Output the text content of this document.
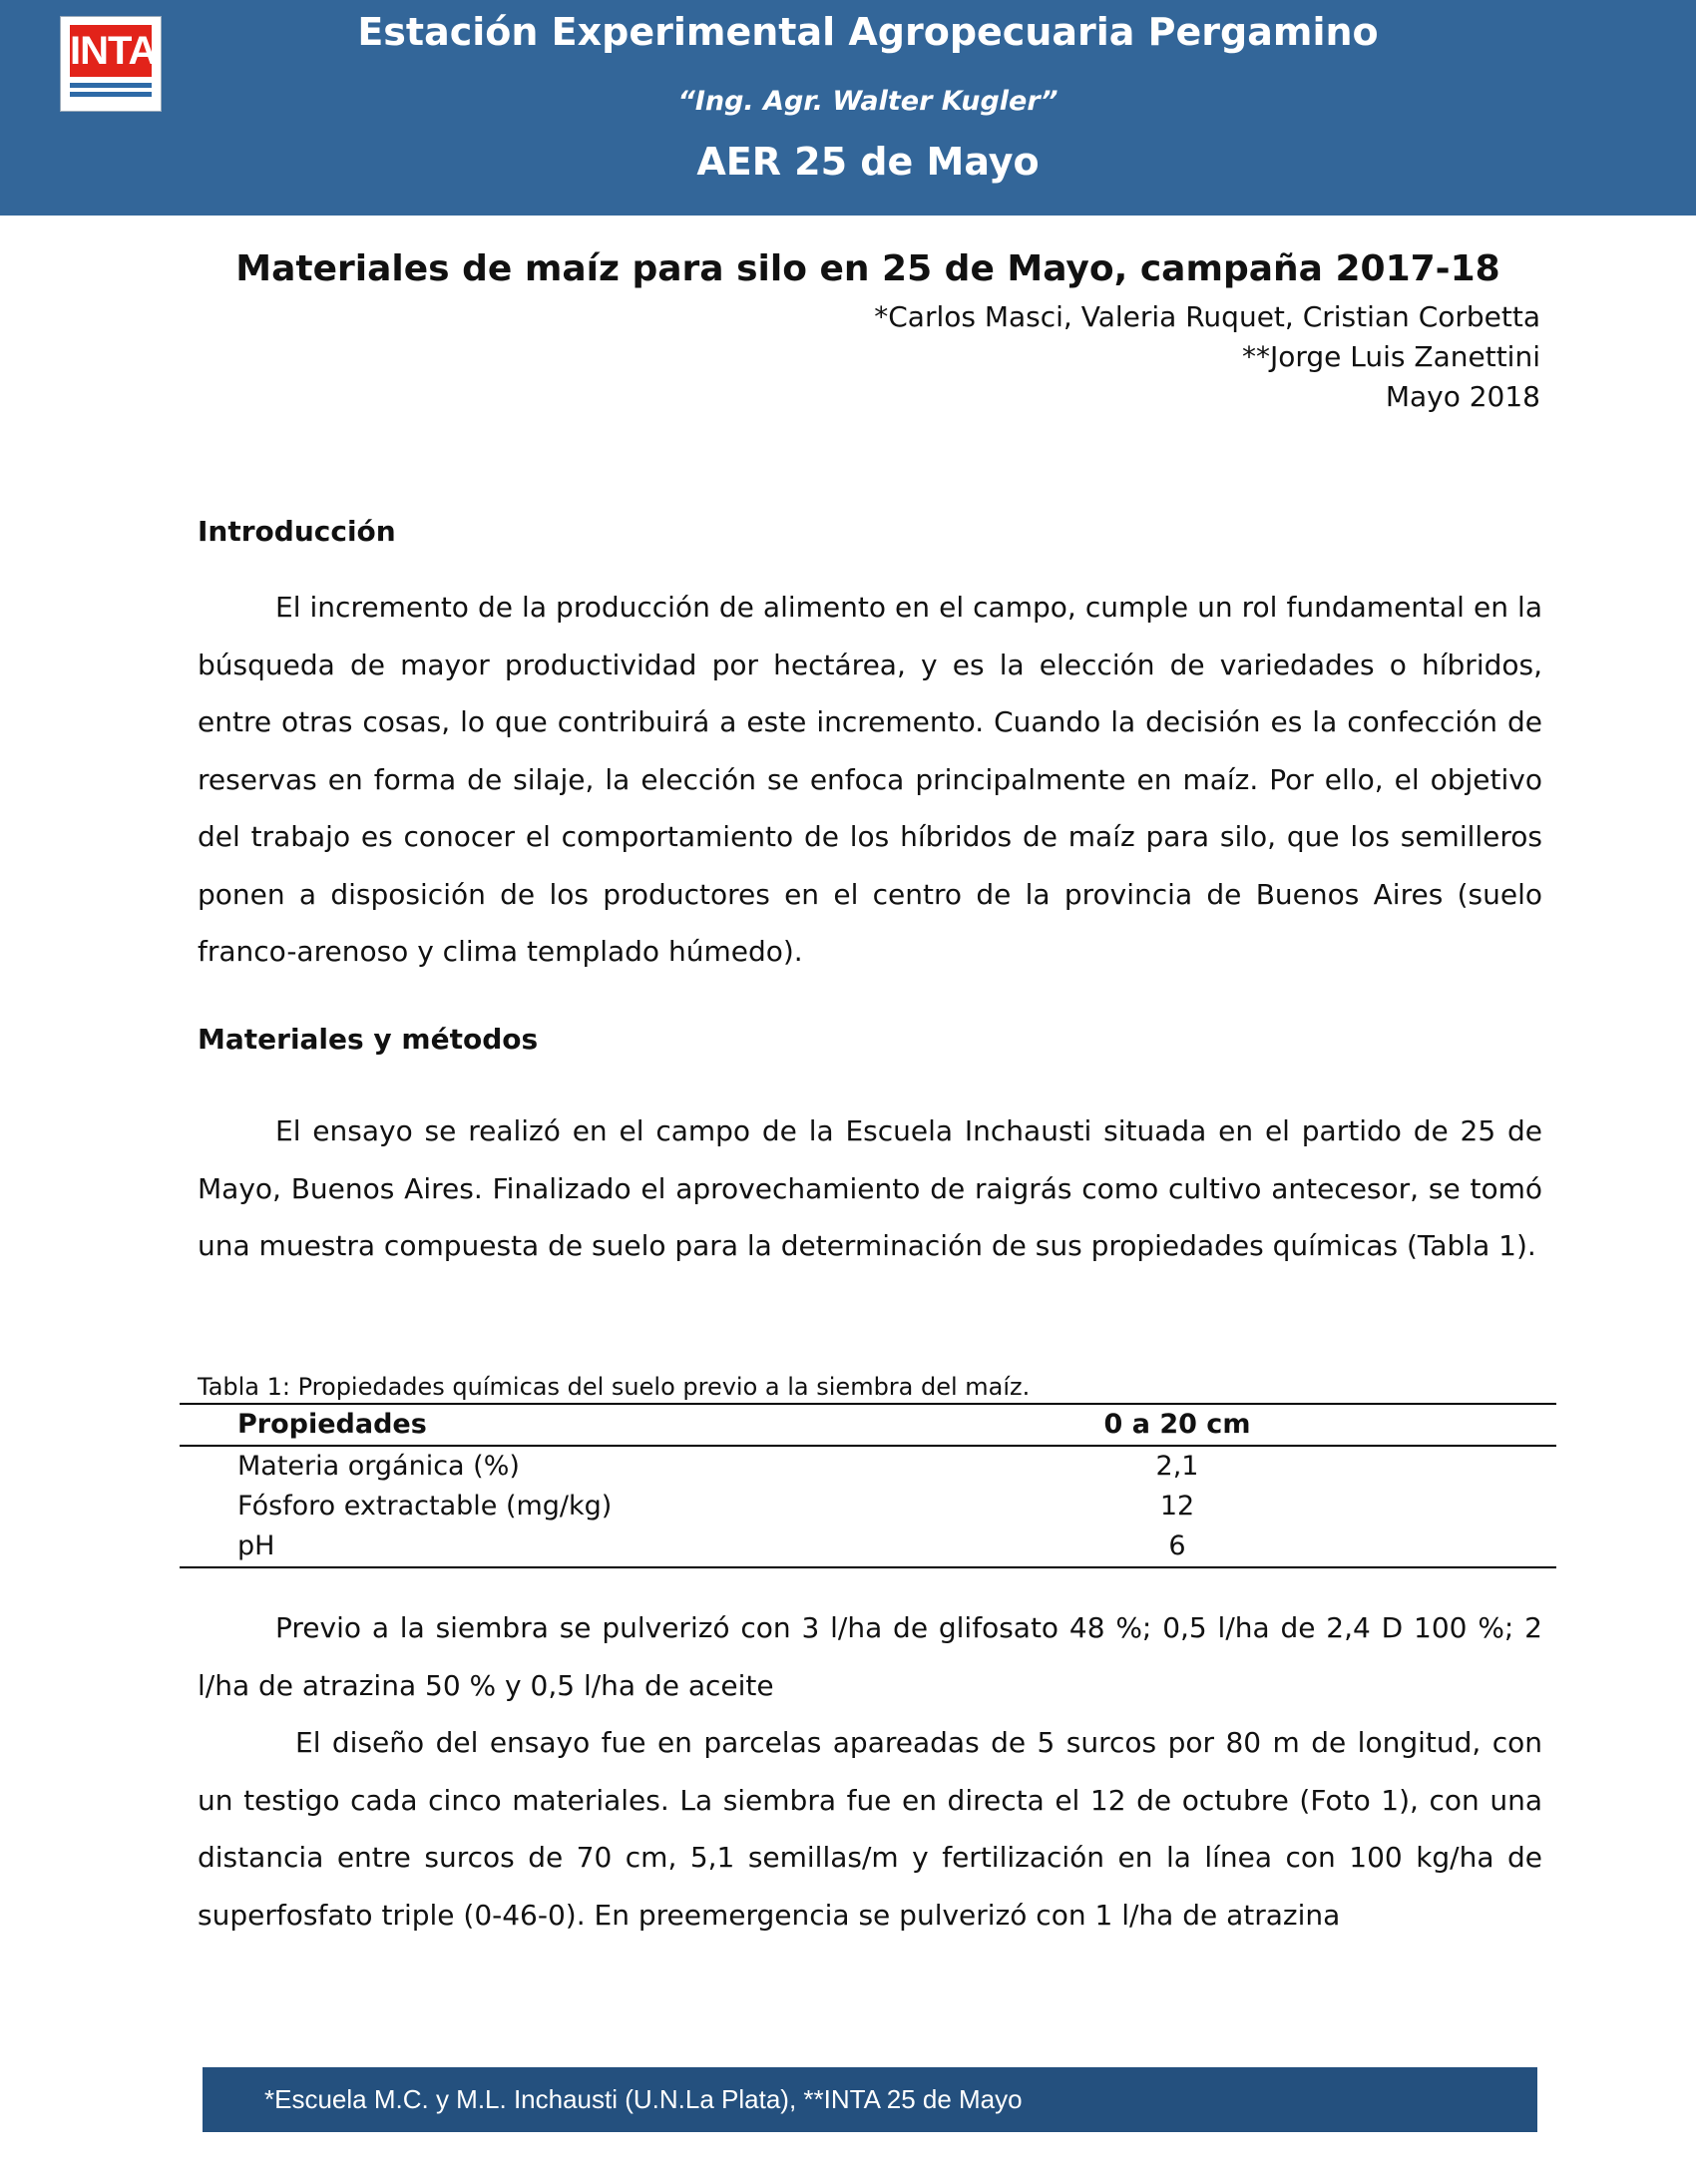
INTA	Estación Experimental Agropecuaria Pergamino
“Ing. Agr. Walter Kugler”
AER 25 de Mayo
Materiales de maíz para silo en 25 de Mayo, campaña 2017-18
*Carlos Masci, Valeria Ruquet, Cristian Corbetta
**Jorge Luis Zanettini
Mayo 2018
Introducción
El incremento de la producción de alimento en el campo, cumple un rol fundamental en la búsqueda de mayor productividad por hectárea, y es la elección de variedades o híbridos, entre otras cosas, lo que contribuirá a este incremento. Cuando la decisión es la confección de reservas en forma de silaje, la elección se enfoca principalmente en maíz. Por ello, el objetivo del trabajo es conocer el comportamiento de los híbridos de maíz para silo, que los semilleros ponen a disposición de los productores en el centro de la provincia de Buenos Aires (suelo franco-arenoso y clima templado húmedo).
Materiales y métodos
El ensayo se realizó en el campo de la Escuela Inchausti situada en el partido de 25 de Mayo, Buenos Aires. Finalizado el aprovechamiento de raigrás como cultivo antecesor, se tomó una muestra compuesta de suelo para la determinación de sus propiedades químicas (Tabla 1).
Tabla 1: Propiedades químicas del suelo previo a la siembra del maíz.
Propiedades	0 a 20 cm
Materia orgánica (%)	2,1
Fósforo extractable (mg/kg)	12
pH	6
Previo a la siembra se pulverizó con 3 l/ha de glifosato 48 %; 0,5 l/ha de 2,4 D 100 %; 2 l/ha de atrazina 50 % y 0,5 l/ha de aceite
El diseño del ensayo fue en parcelas apareadas de 5 surcos por 80 m de longitud, con un testigo cada cinco materiales. La siembra fue en directa el 12 de octubre (Foto 1), con una distancia entre surcos de 70 cm, 5,1 semillas/m y fertilización en la línea con 100 kg/ha de superfosfato triple (0-46-0). En preemergencia se pulverizó con 1 l/ha de atrazina
*Escuela M.C. y M.L. Inchausti (U.N.La Plata), **INTA 25 de Mayo
